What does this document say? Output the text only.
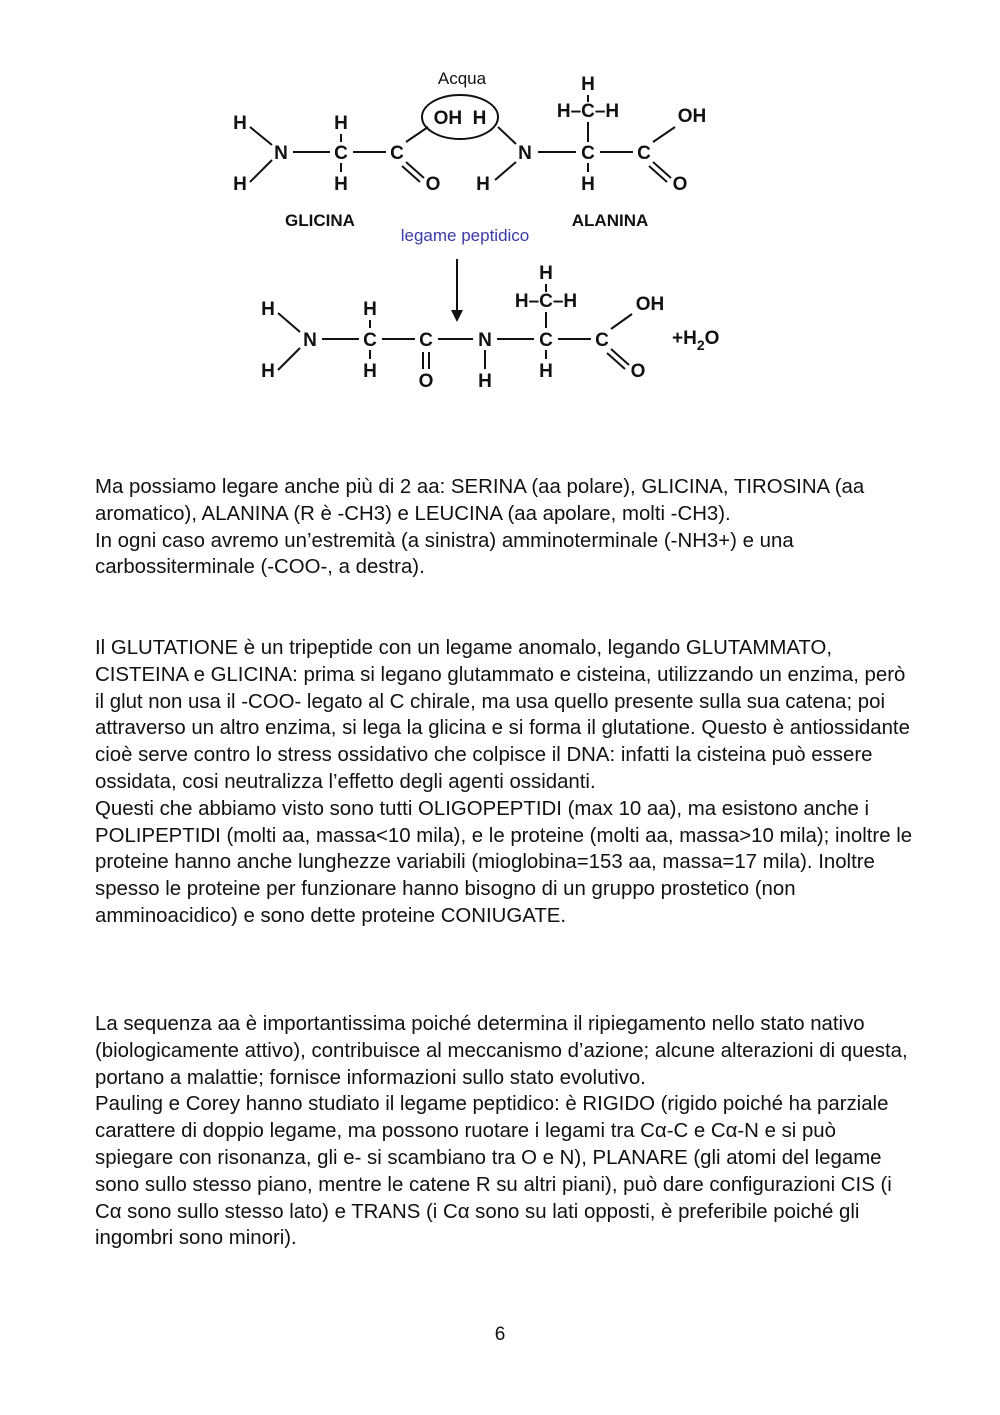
Acqua
OH  H
H
H
N
H
C
H
C
O
N
H
H
H–C–H
C
H
C
OH
O
GLICINA	ALANINA
legame peptidico
H
H
N
H
C
H
C
O
N
H
H
H–C–H
C
H
C
OH
O
$+H_2O$

Ma possiamo legare anche più di 2 aa: SERINA (aa polare), GLICINA, TIROSINA (aa aromatico), ALANINA (R è -CH3) e LEUCINA (aa apolare, molti -CH3).

In ogni caso avremo un’estremità (a sinistra) amminoterminale (-NH3+) e una carbossiterminale (-COO-, a destra).

Il GLUTATIONE è un tripeptide con un legame anomalo, legando GLUTAMMATO, CISTEINA e GLICINA: prima si legano glutammato e cisteina, utilizzando un enzima, però il glut non usa il -COO- legato al C chirale, ma usa quello presente sulla sua catena; poi attraverso un altro enzima, si lega la glicina e si forma il glutatione. Questo è antiossidante cioè serve contro lo stress ossidativo che colpisce il DNA: infatti la cisteina può essere ossidata, cosi neutralizza l’effetto degli agenti ossidanti.

Questi che abbiamo visto sono tutti OLIGOPEPTIDI (max 10 aa), ma esistono anche i POLIPEPTIDI (molti aa, massa<10 mila), e le proteine (molti aa, massa>10 mila); inoltre le proteine hanno anche lunghezze variabili (mioglobina=153 aa, massa=17 mila). Inoltre spesso le proteine per funzionare hanno bisogno di un gruppo prostetico (non amminoacidico) e sono dette proteine CONIUGATE.

La sequenza aa è importantissima poiché determina il ripiegamento nello stato nativo (biologicamente attivo), contribuisce al meccanismo d’azione; alcune alterazioni di questa, portano a malattie; fornisce informazioni sullo stato evolutivo.

Pauling e Corey hanno studiato il legame peptidico: è RIGIDO (rigido poiché ha parziale carattere di doppio legame, ma possono ruotare i legami tra Cα-C e Cα-N e si può spiegare con risonanza, gli e- si scambiano tra O e N), PLANARE (gli atomi del legame sono sullo stesso piano, mentre le catene R su altri piani), può dare configurazioni CIS (i Cα sono sullo stesso lato) e TRANS (i Cα sono su lati opposti, è preferibile poiché gli ingombri sono minori).

6
